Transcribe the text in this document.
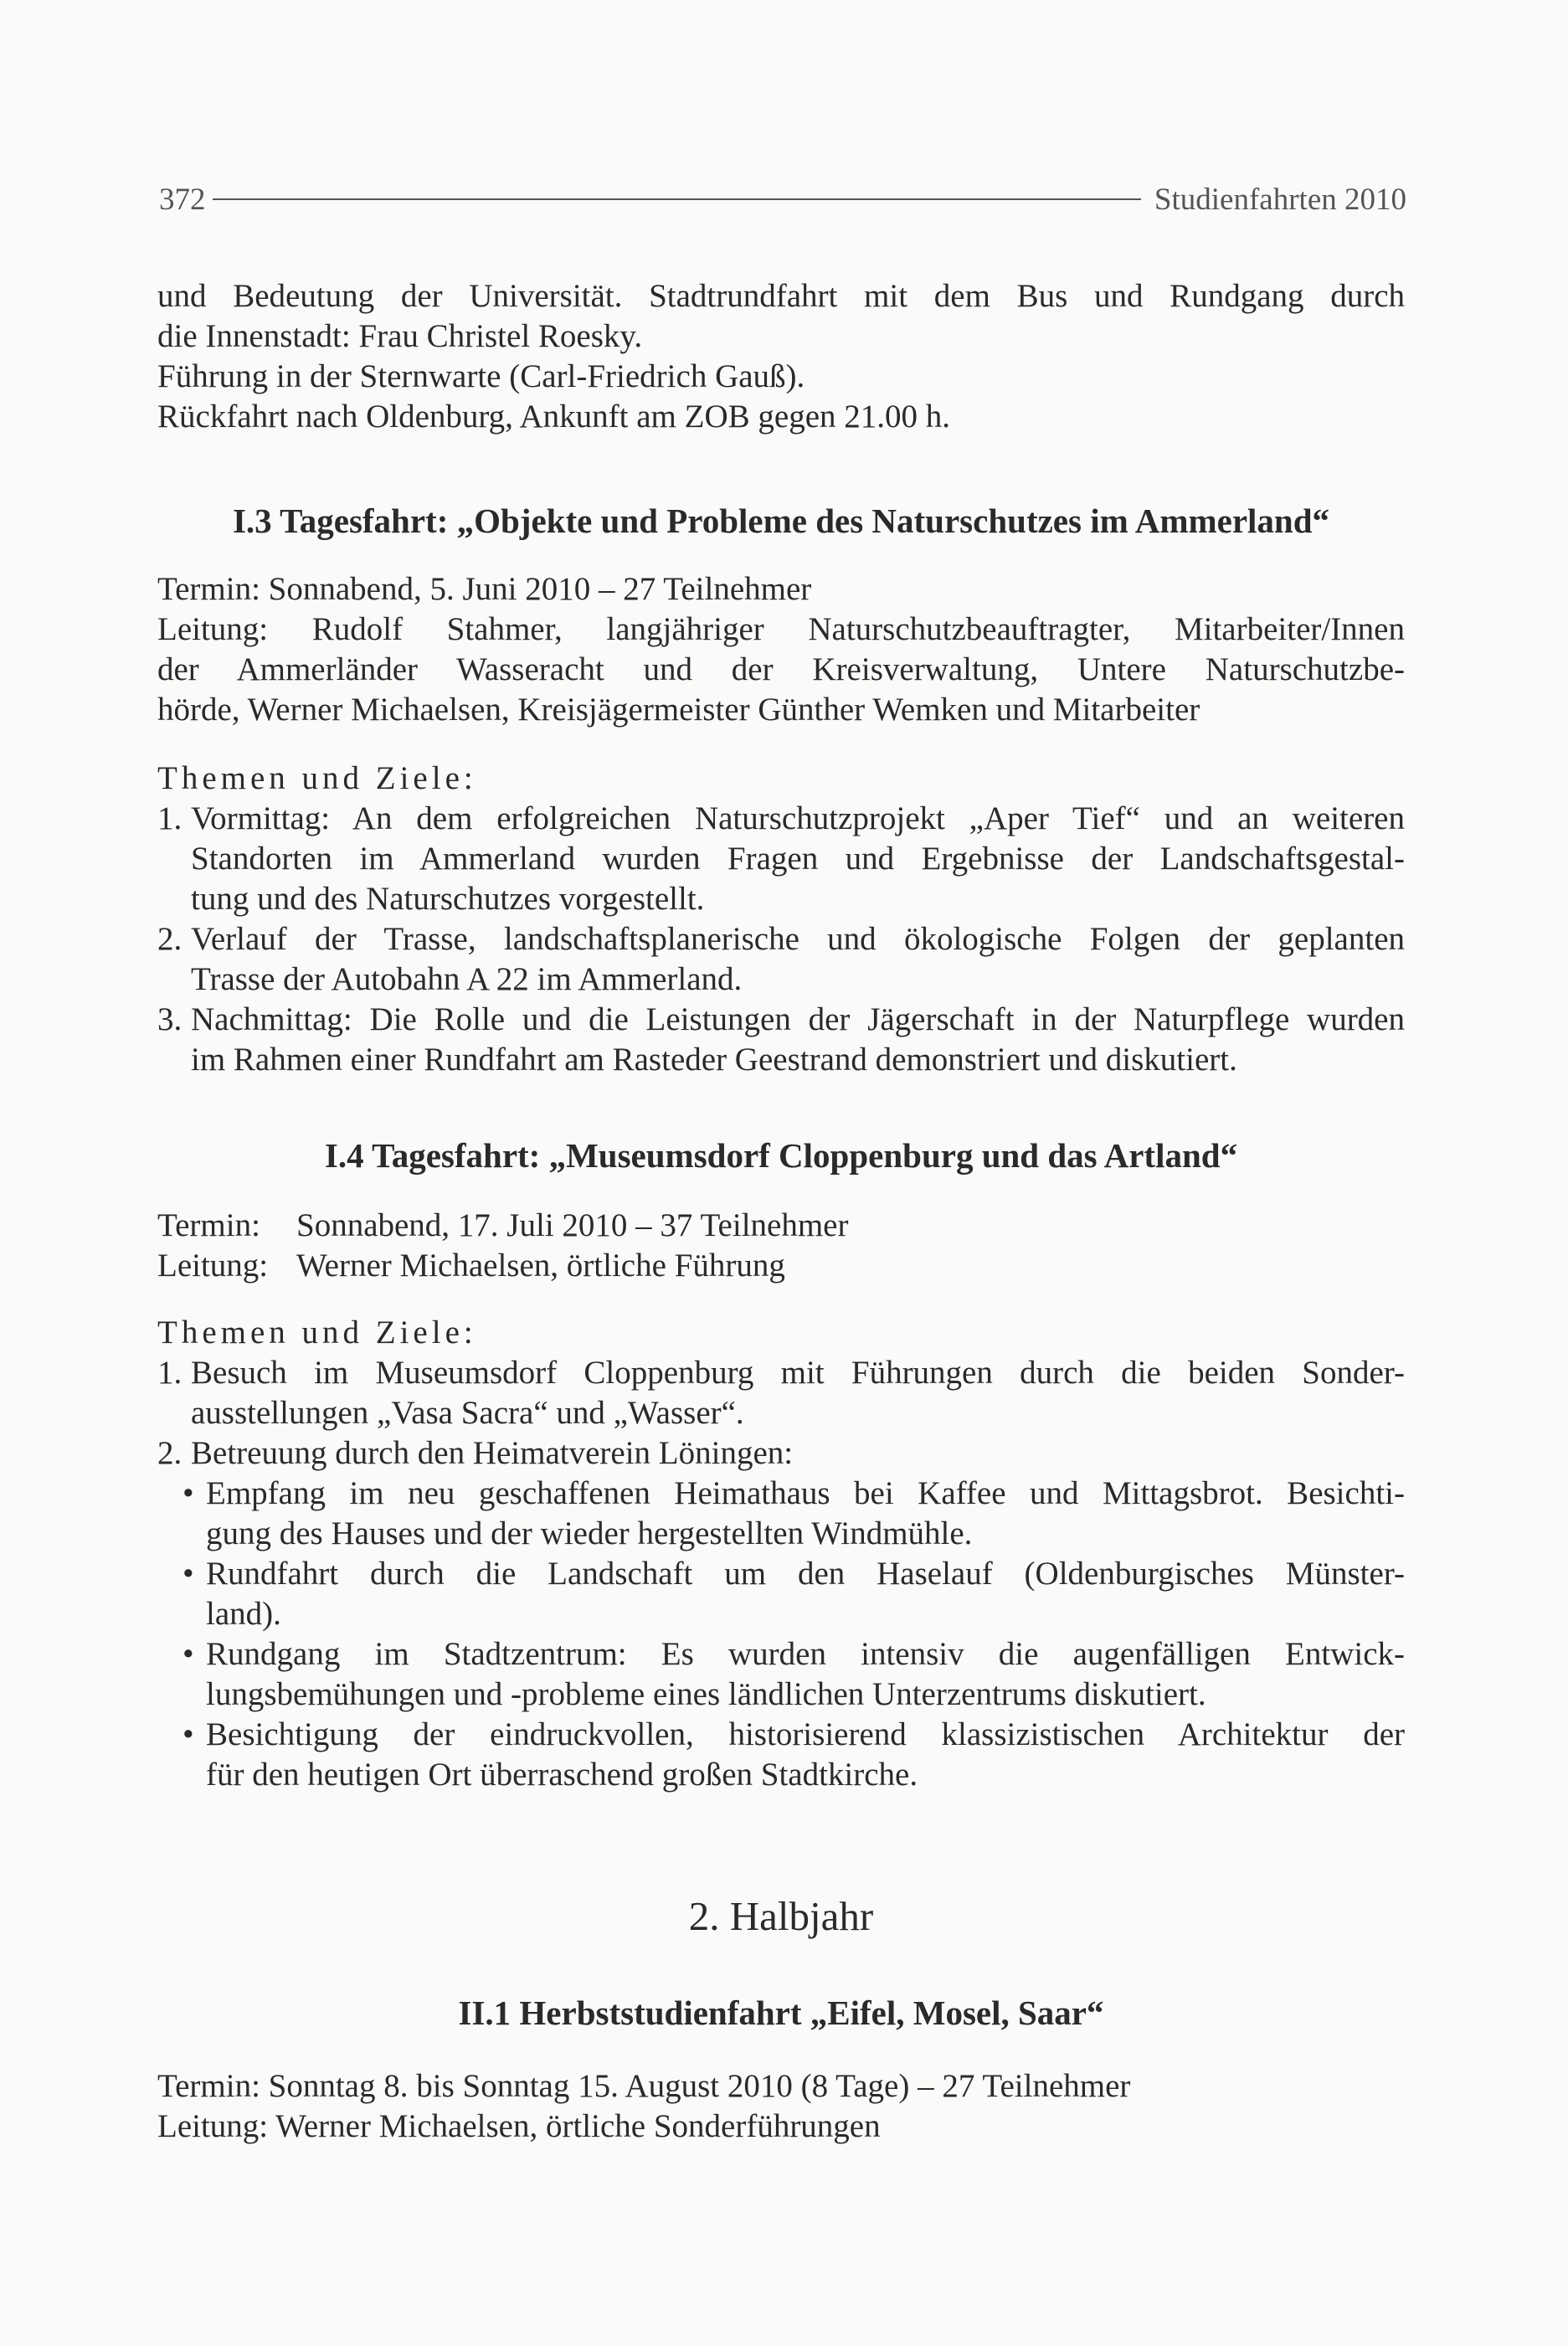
372	Studienfahrten 2010
und Bedeutung der Universität. Stadtrundfahrt mit dem Bus und Rundgang durch
die Innenstadt: Frau Christel Roesky.
Führung in der Sternwarte (Carl-Friedrich Gauß).
Rückfahrt nach Oldenburg, Ankunft am ZOB gegen 21.00 h.
I.3 Tagesfahrt: „Objekte und Probleme des Naturschutzes im Ammerland“
Termin: Sonnabend, 5. Juni 2010 – 27 Teilnehmer
Leitung: Rudolf Stahmer, langjähriger Naturschutzbeauftragter, Mitarbeiter/Innen
der Ammerländer Wasseracht und der Kreisverwaltung, Untere Naturschutzbe-
hörde, Werner Michaelsen, Kreisjägermeister Günther Wemken und Mitarbeiter
Themen und Ziele:
1. Vormittag: An dem erfolgreichen Naturschutzprojekt „Aper Tief“ und an weiteren
Standorten im Ammerland wurden Fragen und Ergebnisse der Landschaftsgestal-
tung und des Naturschutzes vorgestellt.
2. Verlauf der Trasse, landschaftsplanerische und ökologische Folgen der geplanten
Trasse der Autobahn A 22 im Ammerland.
3. Nachmittag: Die Rolle und die Leistungen der Jägerschaft in der Naturpflege wurden
im Rahmen einer Rundfahrt am Rasteder Geestrand demonstriert und diskutiert.
I.4 Tagesfahrt: „Museumsdorf Cloppenburg und das Artland“
Termin:	Sonnabend, 17. Juli 2010 – 37 Teilnehmer
Leitung: Werner Michaelsen, örtliche Führung
Themen und Ziele:
1. Besuch im Museumsdorf Cloppenburg mit Führungen durch die beiden Sonder-
ausstellungen „Vasa Sacra“ und „Wasser“.
2. Betreuung durch den Heimatverein Löningen:
• Empfang im neu geschaffenen Heimathaus bei Kaffee und Mittagsbrot. Besichti-
gung des Hauses und der wieder hergestellten Windmühle.
• Rundfahrt durch die Landschaft um den Haselauf (Oldenburgisches Münster-
land).
• Rundgang im Stadtzentrum: Es wurden intensiv die augenfälligen Entwick-
lungsbemühungen und -probleme eines ländlichen Unterzentrums diskutiert.
• Besichtigung der eindruckvollen, historisierend klassizistischen Architektur der
für den heutigen Ort überraschend großen Stadtkirche.
2. Halbjahr
II.1 Herbststudienfahrt „Eifel, Mosel, Saar“
Termin: Sonntag 8. bis Sonntag 15. August 2010 (8 Tage) – 27 Teilnehmer
Leitung: Werner Michaelsen, örtliche Sonderführungen
